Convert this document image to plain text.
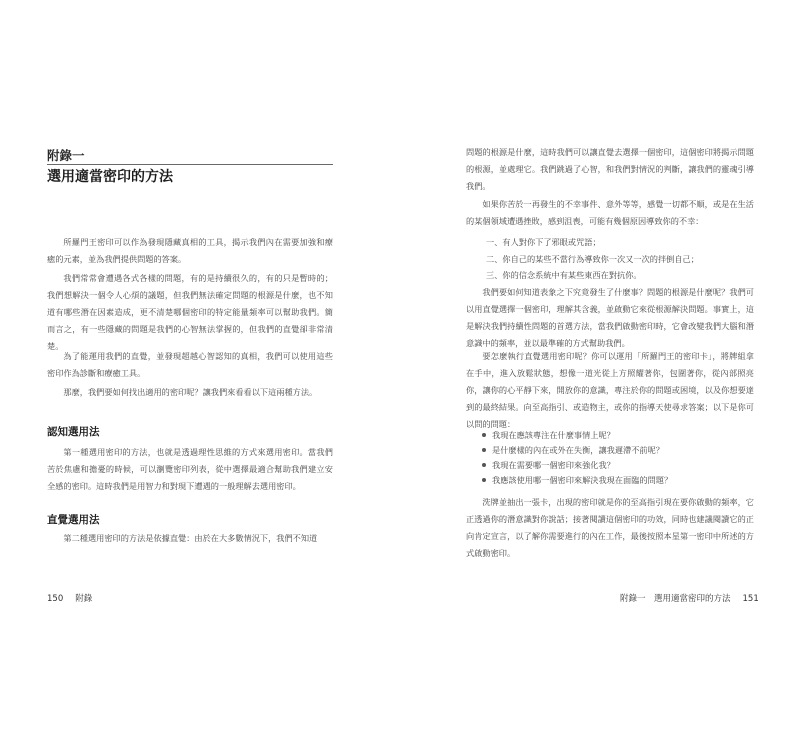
附錄一
選用適當密印的方法

所羅門王密印可以作為發現隱藏真相的工具，揭示我們內在需要加強和療癒的元素，並為我們提供問題的答案。

我們常常會遭遇各式各樣的問題，有的是持續很久的，有的只是暫時的；我們想解決一個令人心煩的議題，但我們無法確定問題的根源是什麼，也不知道有哪些潛在因素造成，更不清楚哪個密印的特定能量頻率可以幫助我們。簡而言之，有一些隱藏的問題是我們的心智無法掌握的，但我們的直覺卻非常清楚。

為了能運用我們的直覺，並發現超越心智認知的真相，我們可以使用這些密印作為診斷和療癒工具。

那麼，我們要如何找出適用的密印呢？讓我們來看看以下這兩種方法。

認知選用法

第一種選用密印的方法，也就是透過理性思維的方式來選用密印。當我們苦於焦慮和擔憂的時候，可以瀏覽密印列表，從中選擇最適合幫助我們建立安全感的密印。這時我們是用智力和對現下遭遇的一般理解去選用密印。

直覺選用法

第二種選用密印的方法是依據直覺：由於在大多數情況下，我們不知道

150 附錄

問題的根源是什麼，這時我們可以讓直覺去選擇一個密印，這個密印將揭示問題的根源，並處理它。我們跳過了心智，和我們對情況的判斷，讓我們的靈魂引導我們。

如果你苦於一再發生的不幸事件、意外等等，感覺一切都不順，或是在生活的某個領域遭遇挫敗，感到沮喪，可能有幾個原因導致你的不幸：

一、有人對你下了邪眼或咒語；
二、你自己的某些不當行為導致你一次又一次的拌倒自己；
三、你的信念系統中有某些東西在對抗你。

我們要如何知道表象之下究竟發生了什麼事？問題的根源是什麼呢？我們可以用直覺選擇一個密印，理解其含義，並啟動它來從根源解決問題。事實上，這是解決我們持續性問題的首選方法，當我們啟動密印時，它會改變我們大腦和潛意識中的頻率，並以最準確的方式幫助我們。

要怎麼執行直覺選用密印呢？你可以運用「所羅門王的密印卡」，將牌組拿在手中，進入放鬆狀態，想像一道光從上方照耀著你，包圍著你，從內部照亮你，讓你的心平靜下來，開放你的意識，專注於你的問題或困境，以及你想要達到的最終結果。向至高指引、或造物主，或你的指導天使尋求答案；以下是你可以問的問題：

我現在應該專注在什麼事情上呢？
是什麼樣的內在或外在失衡，讓我遲滯不前呢？
我現在需要哪一個密印來強化我？
我應該使用哪一個密印來解決我現在面臨的問題？

洗牌並抽出一張卡，出現的密印就是你的至高指引現在要你啟動的頻率，它正透過你的潛意識對你說話；接著閱讀這個密印的功效，同時也建議閱讀它的正向肯定宣言，以了解你需要進行的內在工作，最後按照本星第一密印中所述的方式啟動密印。

附錄一　選用適當密印的方法 151
